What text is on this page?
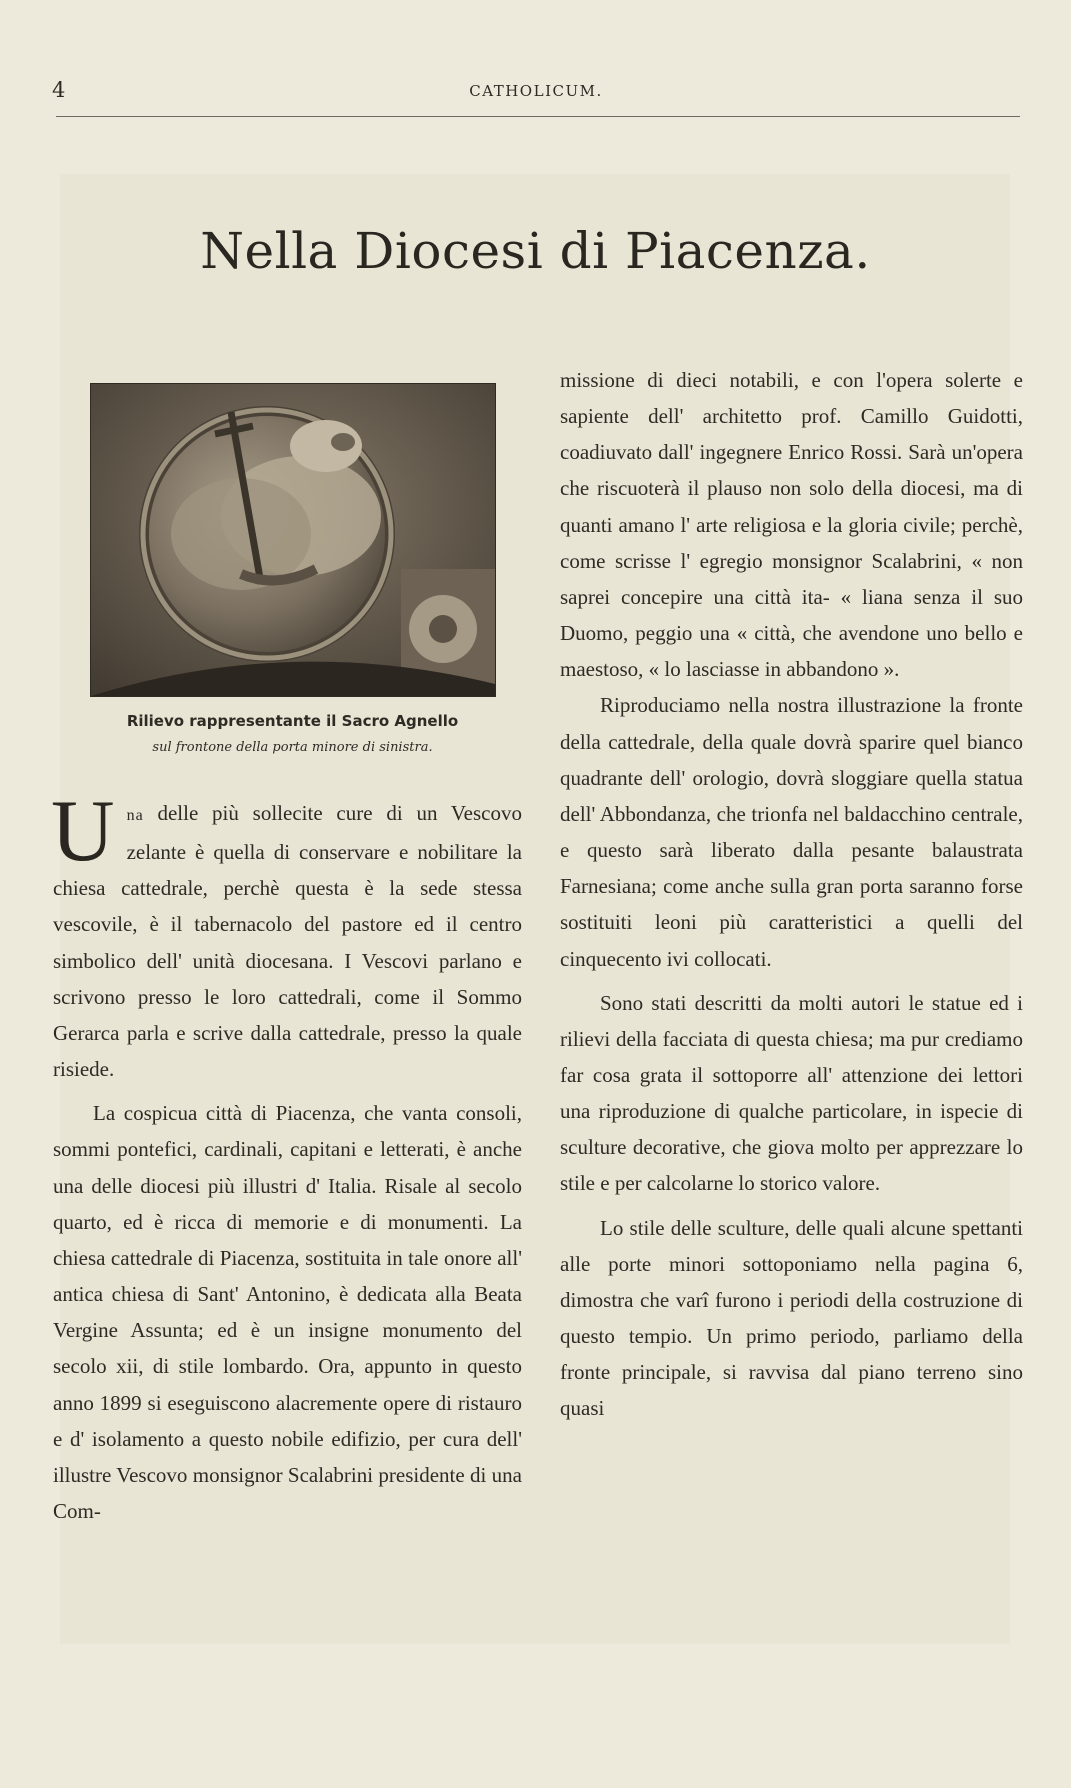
4	CATHOLICUM.
Nella Diocesi di Piacenza.
Rilievo rappresentante il Sacro Agnello
sul frontone della porta minore di sinistra.

Una delle più sollecite cure di un Vescovo zelante è quella di conservare e nobilitare la chiesa cattedrale, perchè questa è la sede stessa vescovile, è il tabernacolo del pastore ed il centro simbolico dell' unità diocesana. I Vescovi parlano e scrivono presso le loro cattedrali, come il Sommo Gerarca parla e scrive dalla cattedrale, presso la quale risiede.

La cospicua città di Piacenza, che vanta consoli, sommi pontefici, cardinali, capitani e letterati, è anche una delle diocesi più illustri d' Italia. Risale al secolo quarto, ed è ricca di memorie e di monumenti. La chiesa cattedrale di Piacenza, sostituita in tale onore all' antica chiesa di Sant' Antonino, è dedicata alla Beata Vergine Assunta; ed è un insigne monumento del secolo xii, di stile lombardo. Ora, appunto in questo anno 1899 si eseguiscono alacremente opere di ristauro e d' isolamento a questo nobile edifizio, per cura dell' illustre Vescovo monsignor Scalabrini presidente di una Com-

missione di dieci notabili, e con l'opera solerte e sapiente dell' architetto prof. Camillo Guidotti, coadiuvato dall' ingegnere Enrico Rossi. Sarà un'opera che riscuoterà il plauso non solo della diocesi, ma di quanti amano l' arte religiosa e la gloria civile; perchè, come scrisse l' egregio monsignor Scalabrini, « non saprei concepire una città ita- « liana senza il suo Duomo, peggio una « città, che avendone uno bello e maestoso, « lo lasciasse in abbandono ».

Riproduciamo nella nostra illustrazione la fronte della cattedrale, della quale dovrà sparire quel bianco quadrante dell' orologio, dovrà sloggiare quella statua dell' Abbondanza, che trionfa nel baldacchino centrale, e questo sarà liberato dalla pesante balaustrata Farnesiana; come anche sulla gran porta saranno forse sostituiti leoni più caratteristici a quelli del cinquecento ivi collocati.

Sono stati descritti da molti autori le statue ed i rilievi della facciata di questa chiesa; ma pur crediamo far cosa grata il sottoporre all' attenzione dei lettori una riproduzione di qualche particolare, in ispecie di sculture decorative, che giova molto per apprezzare lo stile e per calcolarne lo storico valore.

Lo stile delle sculture, delle quali alcune spettanti alle porte minori sottoponiamo nella pagina 6, dimostra che varî furono i periodi della costruzione di questo tempio. Un primo periodo, parliamo della fronte principale, si ravvisa dal piano terreno sino quasi
